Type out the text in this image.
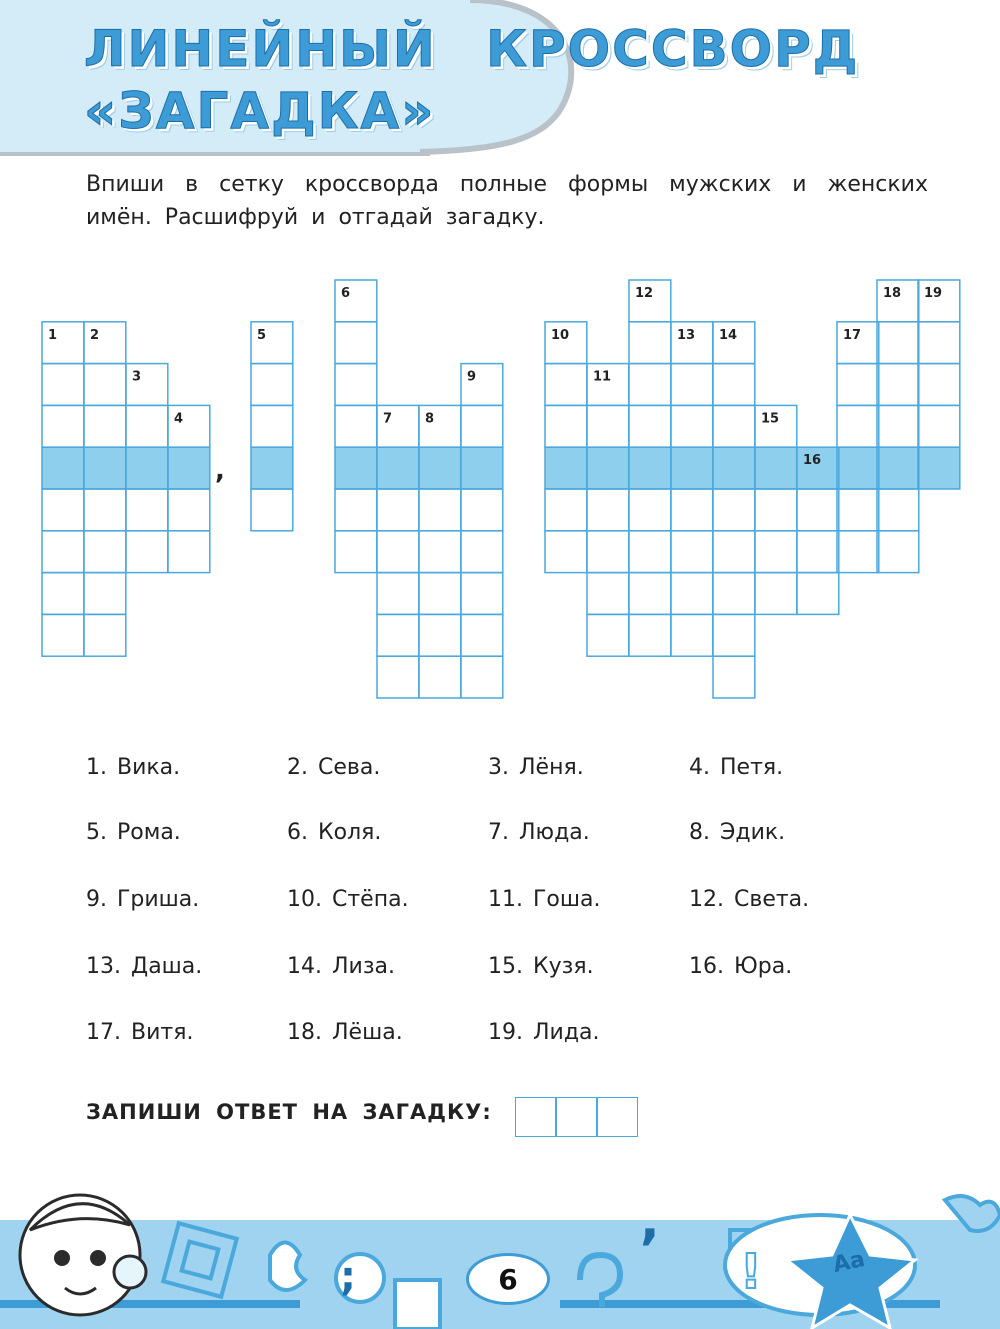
ЛИНЕЙНЫЙ КРОССВОРД
«ЗАГАДКА»
Впиши в сетку кроссворда полные формы мужских и женских
имён. Расшифруй и отгадай загадку.
1	2
3
4
5
6
7	8
9
10
11
12
13 14
15
16
17
18 19
,
1. Вика.	2. Сева.	3. Лёня.	4. Петя.
5. Рома.	6. Коля.	7. Люда.	8. Эдик.
9. Гриша.	10. Стёпа.	11. Гоша.	12. Света.
13. Даша.	14. Лиза.	15. Кузя.	16. Юра.
17. Витя.	18. Лёша.	19. Лида.
ЗАПИШИ ОТВЕТ НА ЗАГАДКУ:
;
,
!
6	Aa
